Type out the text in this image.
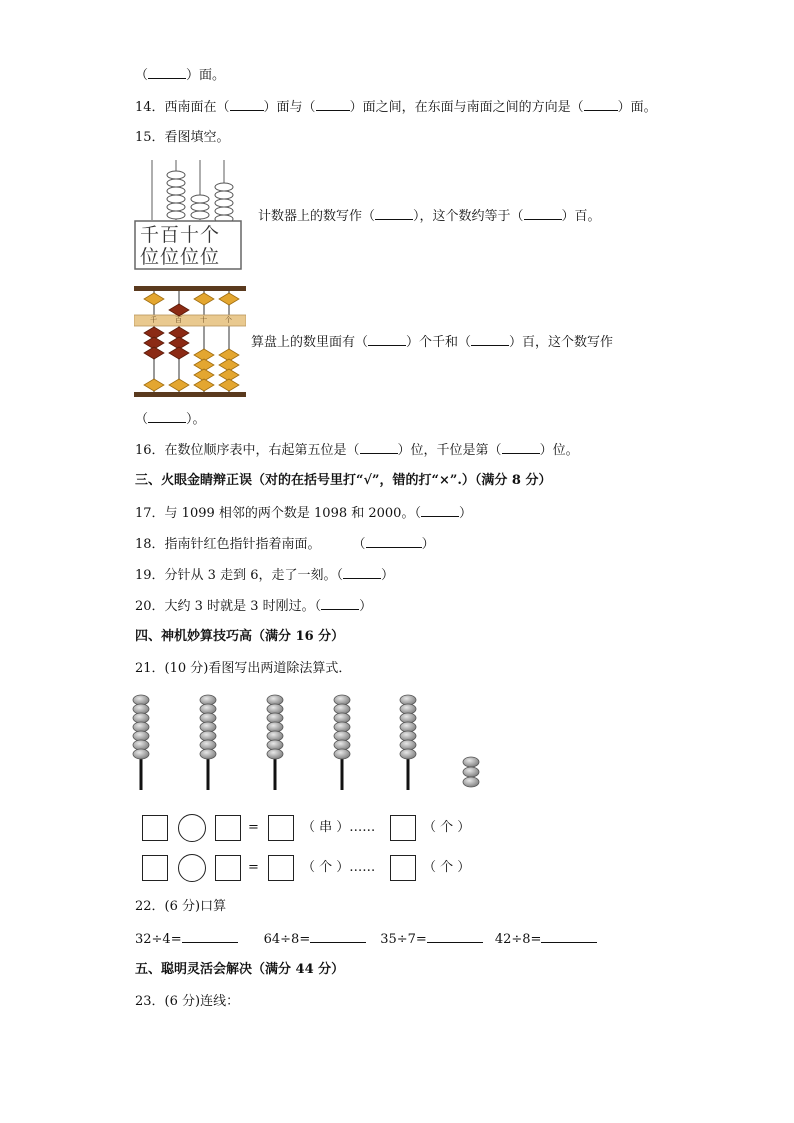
（	）面。
14．西南面在（	）面与（	）面之间，在东面与南面之间的方向是（	）面。
15．看图填空。
千百十个
位位位位
计数器上的数写作（	），这个数约等于（	）百。
千	百	十	个
算盘上的数里面有（	）个千和（	）百，这个数写作
（	）。
16．在数位顺序表中，右起第五位是（	）位，千位是第（	）位。
三、火眼金睛辩正误（对的在括号里打“√”，错的打“×”.）（满分 8 分）
17．与 1099 相邻的两个数是 1098 和 2000。（	）
18．指南针红色指针指着南面。 （	）
19．分针从 3 走到 6，走了一刻。（	）
20．大约 3 时就是 3 时刚过。（	）
四、神机妙算技巧高（满分 16 分）
21．(10 分)看图写出两道除法算式．
=	（ 串 ）……	（ 个 ）
=	（ 个 ）……	（ 个 ）
22．(6 分)口算
32÷4=	64÷8=	35÷7=	42÷8=
五、聪明灵活会解决（满分 44 分）
23．(6 分)连线：
